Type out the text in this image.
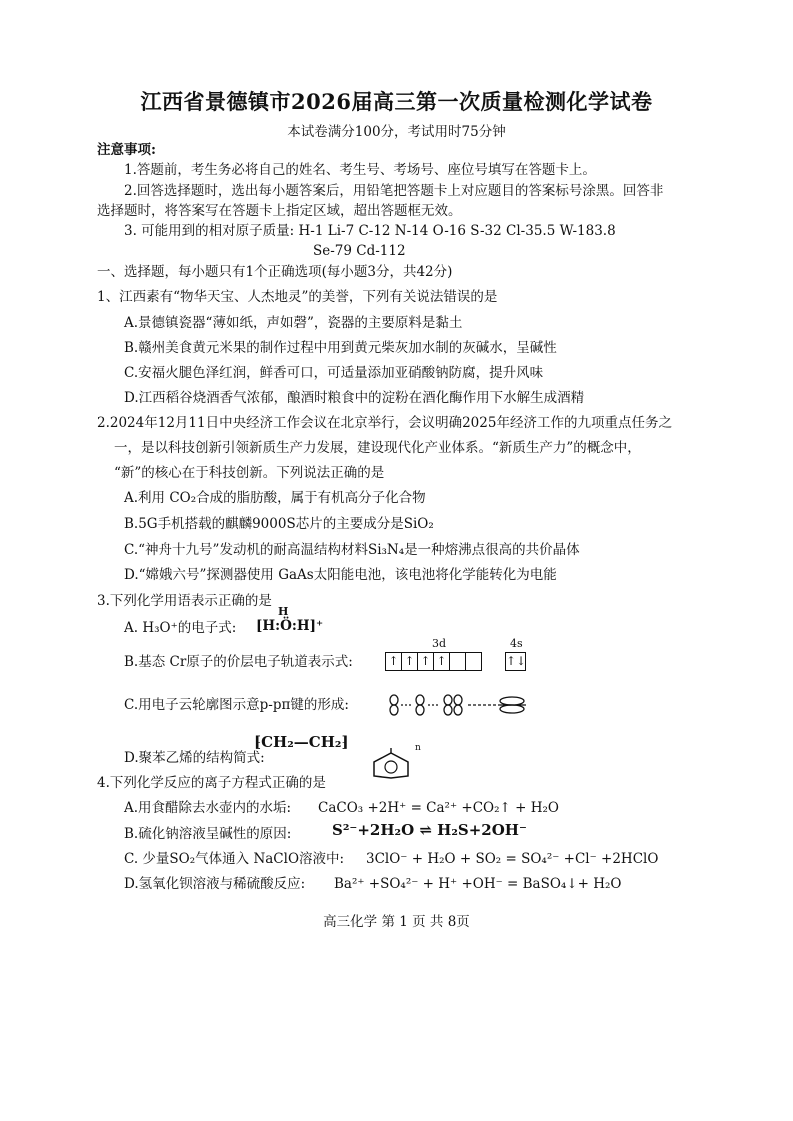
江西省景德镇市2026届高三第一次质量检测化学试卷
本试卷满分100分，考试用时75分钟
注意事项:
1.答题前，考生务必将自己的姓名、考生号、考场号、座位号填写在答题卡上。
2.回答选择题时，选出每小题答案后，用铅笔把答题卡上对应题目的答案标号涂黑。回答非
选择题时，将答案写在答题卡上指定区域，超出答题框无效。
3. 可能用到的相对原子质量: H-1 Li-7 C-12 N-14 O-16 S-32 Cl-35.5 W-183.8
Se-79 Cd-112
一、选择题，每小题只有1个正确选项(每小题3分，共42分)
1、江西素有“物华天宝、人杰地灵”的美誉，下列有关说法错误的是
A.景德镇瓷器“薄如纸，声如磬”，瓷器的主要原料是黏土
B.赣州美食黄元米果的制作过程中用到黄元柴灰加水制的灰碱水，呈碱性
C.安福火腿色泽红润，鲜香可口，可适量添加亚硝酸钠防腐，提升风味
D.江西稻谷烧酒香气浓郁，酿酒时粮食中的淀粉在酒化酶作用下水解生成酒精
2.2024年12月11日中央经济工作会议在北京举行，会议明确2025年经济工作的九项重点任务之
一，是以科技创新引领新质生产力发展，建设现代化产业体系。“新质生产力”的概念中，
“新”的核心在于科技创新。下列说法正确的是
A.利用 CO₂合成的脂肪酸，属于有机高分子化合物
B.5G手机搭载的麒麟9000S芯片的主要成分是SiO₂
C.“神舟十九号”发动机的耐高温结构材料Si₃N₄是一种熔沸点很高的共价晶体
D.“嫦娥六号”探测器使用 GaAs太阳能电池，该电池将化学能转化为电能
3.下列化学用语表示正确的是
A. H₃O⁺的电子式:
H
[H:Ö:H]⁺
B.基态 Cr原子的价层电子轨道表示式:
3d	4s
↑ ↑ ↑ ↑	↑↓
C.用电子云轮廓图示意p-pπ键的形成:
D.聚苯乙烯的结构简式:
⁅CH₂—CH₂⁆	n
4.下列化学反应的离子方程式正确的是
A.用食醋除去水壶内的水垢: CaCO₃ +2H⁺ = Ca²⁺ +CO₂↑ + H₂O
B.硫化钠溶液呈碱性的原因:	S²⁻+2H₂O ⇌ H₂S+2OH⁻
C. 少量SO₂气体通入 NaClO溶液中: 3ClO⁻ + H₂O + SO₂ = SO₄²⁻ +Cl⁻ +2HClO
D.氢氧化钡溶液与稀硫酸反应: Ba²⁺ +SO₄²⁻ + H⁺ +OH⁻ = BaSO₄↓+ H₂O
高三化学 第 1 页 共 8页
